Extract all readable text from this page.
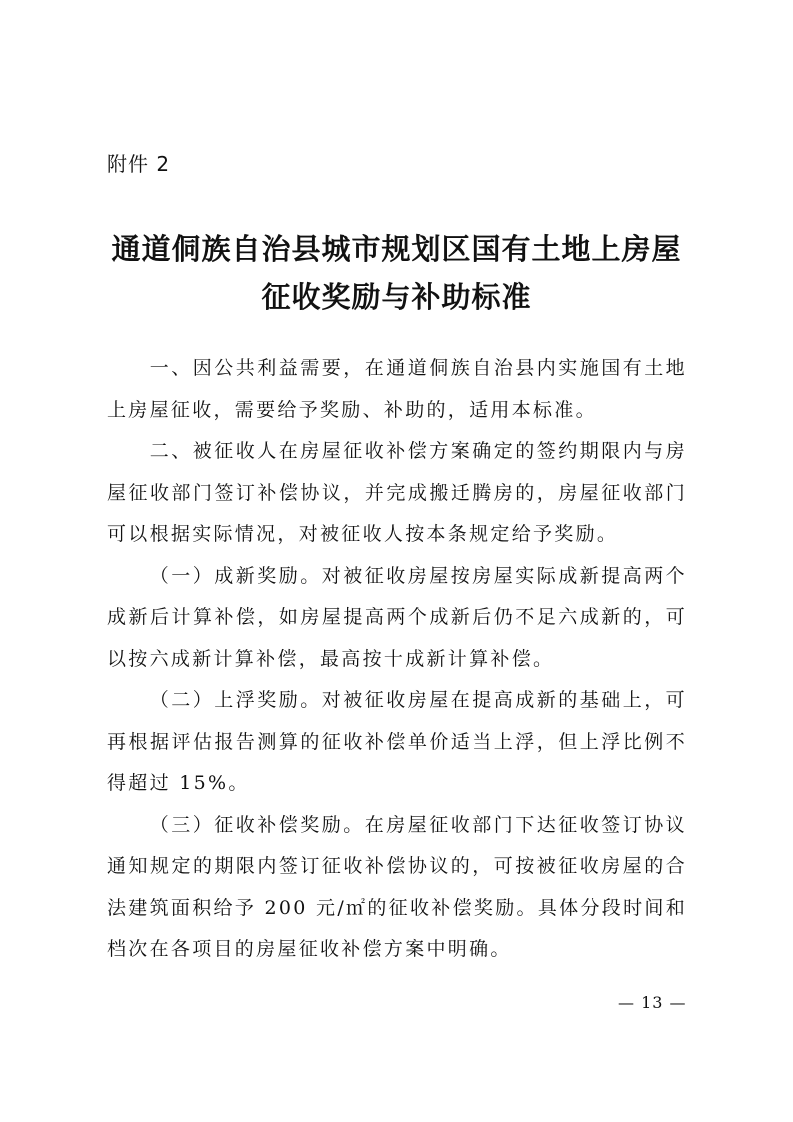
附件 2

通道侗族自治县城市规划区国有土地上房屋
征收奖励与补助标准

一、因公共利益需要，在通道侗族自治县内实施国有土地上房屋征收，需要给予奖励、补助的，适用本标准。

二、被征收人在房屋征收补偿方案确定的签约期限内与房屋征收部门签订补偿协议，并完成搬迁腾房的，房屋征收部门可以根据实际情况，对被征收人按本条规定给予奖励。

（一）成新奖励。对被征收房屋按房屋实际成新提高两个成新后计算补偿，如房屋提高两个成新后仍不足六成新的，可以按六成新计算补偿，最高按十成新计算补偿。

（二）上浮奖励。对被征收房屋在提高成新的基础上，可再根据评估报告测算的征收补偿单价适当上浮，但上浮比例不得超过 15%。

（三）征收补偿奖励。在房屋征收部门下达征收签订协议通知规定的期限内签订征收补偿协议的，可按被征收房屋的合法建筑面积给予 200 元/㎡的征收补偿奖励。具体分段时间和档次在各项目的房屋征收补偿方案中明确。

— 13 —
